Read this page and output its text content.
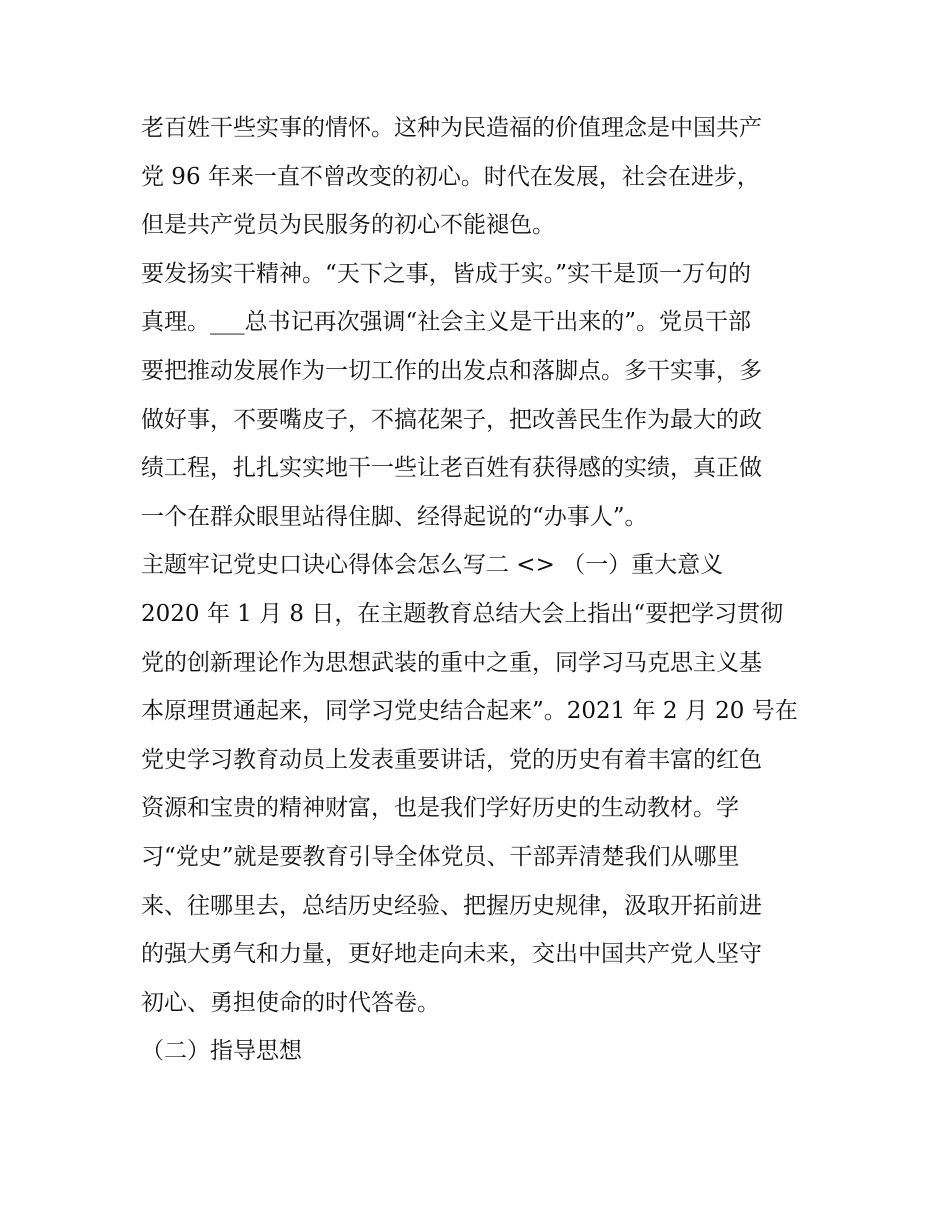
老百姓干些实事的情怀。这种为民造福的价值理念是中国共产
党 96 年来一直不曾改变的初心。时代在发展，社会在进步，
但是共产党员为民服务的初心不能褪色。
要发扬实干精神。“天下之事，皆成于实。”实干是顶一万句的
真理。___总书记再次强调“社会主义是干出来的”。党员干部
要把推动发展作为一切工作的出发点和落脚点。多干实事，多
做好事，不要嘴皮子，不搞花架子，把改善民生作为最大的政
绩工程，扎扎实实地干一些让老百姓有获得感的实绩，真正做
一个在群众眼里站得住脚、经得起说的“办事人”。
主题牢记党史口诀心得体会怎么写二 <> （一）重大意义
2020 年 1 月 8 日，在主题教育总结大会上指出“要把学习贯彻
党的创新理论作为思想武装的重中之重，同学习马克思主义基
本原理贯通起来，同学习党史结合起来”。2021 年 2 月 20 号在
党史学习教育动员上发表重要讲话，党的历史有着丰富的红色
资源和宝贵的精神财富，也是我们学好历史的生动教材。学
习“党史”就是要教育引导全体党员、干部弄清楚我们从哪里
来、往哪里去，总结历史经验、把握历史规律，汲取开拓前进
的强大勇气和力量，更好地走向未来，交出中国共产党人坚守
初心、勇担使命的时代答卷。
（二）指导思想
